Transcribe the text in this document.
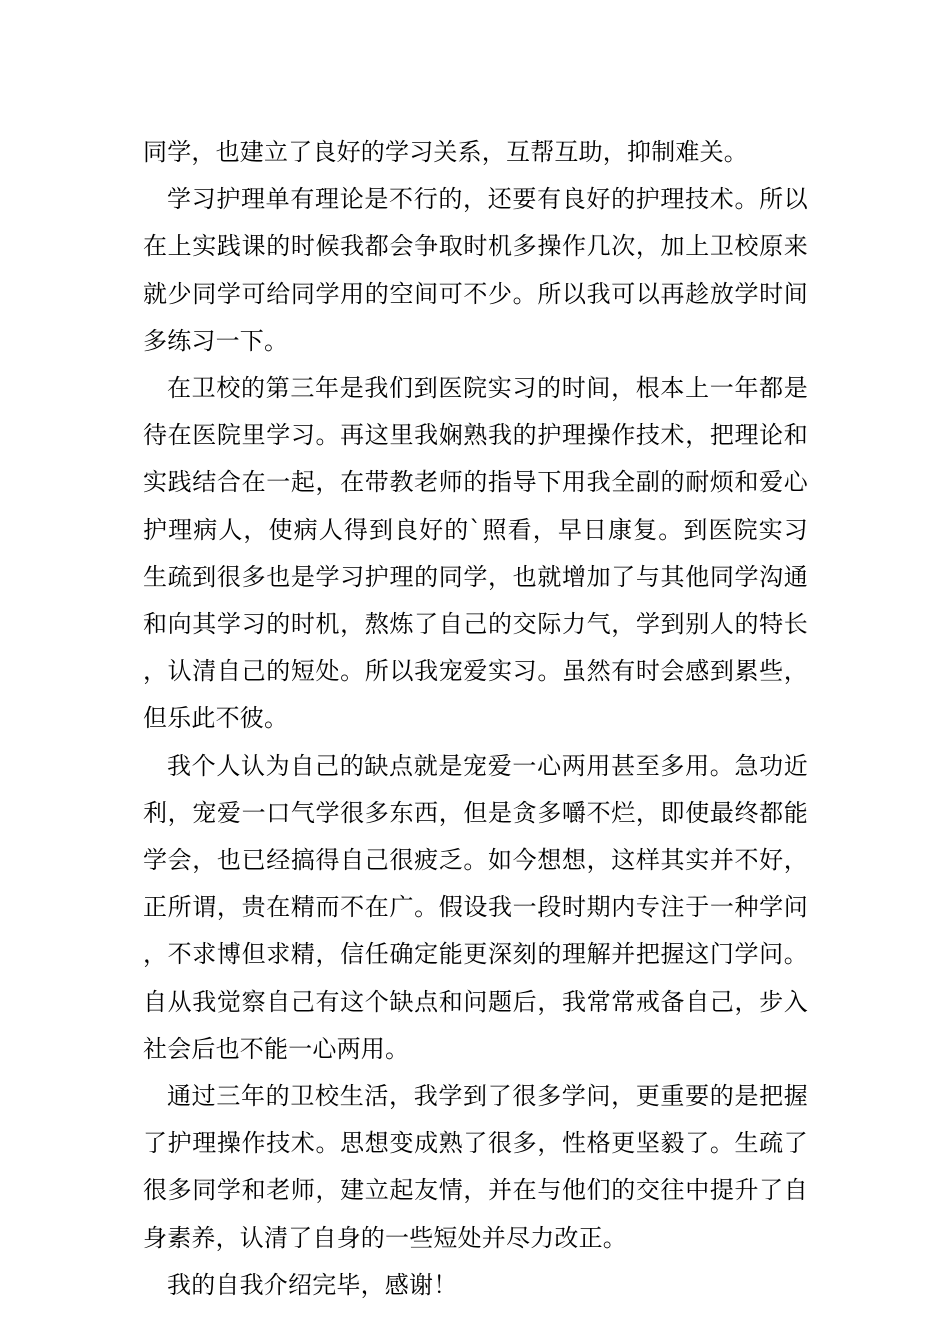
同学，也建立了良好的学习关系，互帮互助，抑制难关。

学习护理单有理论是不行的，还要有良好的护理技术。所以在上实践课的时候我都会争取时机多操作几次，加上卫校原来就少同学可给同学用的空间可不少。所以我可以再趁放学时间多练习一下。

在卫校的第三年是我们到医院实习的时间，根本上一年都是待在医院里学习。再这里我娴熟我的护理操作技术，把理论和实践结合在一起，在带教老师的指导下用我全副的耐烦和爱心护理病人，使病人得到良好的`照看，早日康复。到医院实习生疏到很多也是学习护理的同学，也就增加了与其他同学沟通和向其学习的时机，熬炼了自己的交际力气，学到别人的特长，认清自己的短处。所以我宠爱实习。虽然有时会感到累些，但乐此不彼。

我个人认为自己的缺点就是宠爱一心两用甚至多用。急功近利，宠爱一口气学很多东西，但是贪多嚼不烂，即使最终都能学会，也已经搞得自己很疲乏。如今想想，这样其实并不好，正所谓，贵在精而不在广。假设我一段时期内专注于一种学问，不求博但求精，信任确定能更深刻的理解并把握这门学问。自从我觉察自己有这个缺点和问题后，我常常戒备自己，步入社会后也不能一心两用。

通过三年的卫校生活，我学到了很多学问，更重要的是把握了护理操作技术。思想变成熟了很多，性格更坚毅了。生疏了很多同学和老师，建立起友情，并在与他们的交往中提升了自身素养，认清了自身的一些短处并尽力改正。

我的自我介绍完毕，感谢！
